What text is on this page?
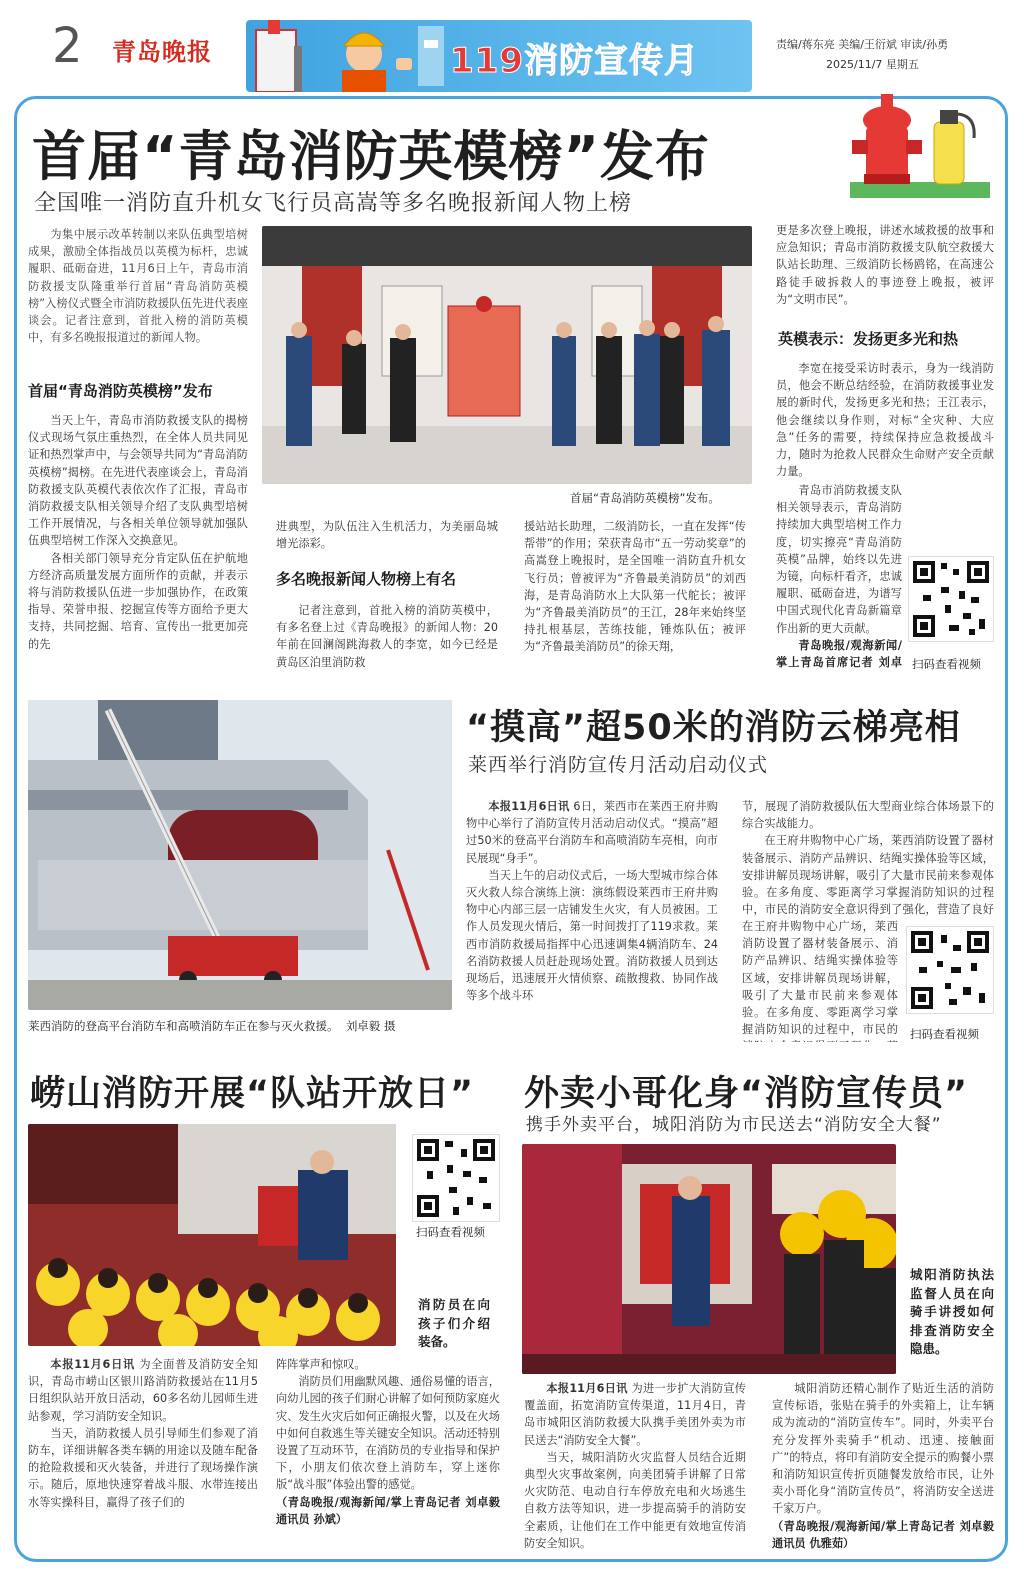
2 青岛晚报	119消防宣传月	责编/蒋东亮 美编/王衍斌 审读/孙勇
2025/11/7 星期五
首届“青岛消防英模榜”发布
全国唯一消防直升机女飞行员高嵩等多名晚报新闻人物上榜
为集中展示改革转制以来队伍典型培树成果，激励全体指战员以英模为标杆，忠诚履职、砥砺奋进，11月6日上午，青岛市消防救援支队隆重举行首届“青岛消防英模榜”入榜仪式暨全市消防救援队伍先进代表座谈会。记者注意到，首批入榜的消防英模中，有多名晚报报道过的新闻人物。
首届“青岛消防英模榜”发布

当天上午，青岛市消防救援支队的揭榜仪式现场气氛庄重热烈，在全体人员共同见证和热烈掌声中，与会领导共同为“青岛消防英模榜”揭榜。在先进代表座谈会上，青岛消防救援支队英模代表依次作了汇报，青岛市消防救援支队相关领导介绍了支队典型培树工作开展情况，与各相关单位领导就加强队伍典型培树工作深入交换意见。

各相关部门领导充分肯定队伍在护航地方经济高质量发展方面所作的贡献，并表示将与消防救援队伍进一步加强协作，在政策指导、荣誉申报、挖掘宣传等方面给予更大支持，共同挖掘、培育、宣传出一批更加亮的先

首届“青岛消防英模榜”发布。

进典型，为队伍注入生机活力，为美丽岛城增光添彩。

多名晚报新闻人物榜上有名

记者注意到，首批入榜的消防英模中，有多名登上过《青岛晚报》的新闻人物：20年前在回澜阁跳海救人的李宽，如今已经是黄岛区泊里消防救

援站站长助理，二级消防长，一直在发挥“传帮带”的作用；荣获青岛市“五一劳动奖章”的高嵩登上晚报时，是全国唯一消防直升机女飞行员；曾被评为“齐鲁最美消防员”的刘西海，是青岛消防水上大队第一代舵长；被评为“齐鲁最美消防员”的王江，28年来始终坚持扎根基层，苦练技能，锤炼队伍；被评为“齐鲁最美消防员”的徐天翔，

更是多次登上晚报，讲述水域救援的故事和应急知识；青岛市消防救援支队航空救援大队站长助理、三级消防长杨鸥铭，在高速公路徒手破拆救人的事迹登上晚报，被评为“文明市民”。

英模表示：发扬更多光和热

李宽在接受采访时表示，身为一线消防员，他会不断总结经验，在消防救援事业发展的新时代，发扬更多光和热；王江表示，他会继续以身作则，对标“全灾种、大应急”任务的需要，持续保持应急救援战斗力，随时为抢救人民群众生命财产安全贡献力量。

青岛市消防救援支队相关领导表示，青岛消防持续加大典型培树工作力度，切实擦亮“青岛消防英模”品牌，始终以先进为镜，向标杆看齐，忠诚履职、砥砺奋进，为谱写中国式现代化青岛新篇章作出新的更大贡献。

青岛晚报/观海新闻/掌上青岛首席记者 刘卓 扫码查看视频
莱西消防的登高平台消防车和高喷消防车正在参与灭火救援。 刘卓毅 摄
“摸高”超50米的消防云梯亮相
莱西举行消防宣传月活动启动仪式

本报11月6日讯 6日，莱西市在莱西王府井购物中心举行了消防宣传月活动启动仪式。“摸高”超过50米的登高平台消防车和高喷消防车亮相，向市民展现“身手”。

当天上午的启动仪式后，一场大型城市综合体灭火救人综合演练上演：演练假设莱西市王府井购物中心内部三层一店铺发生火灾，有人员被困。工作人员发现火情后，第一时间拨打了119求救。莱西市消防救援局指挥中心迅速调集4辆消防车、24名消防救援人员赶赴现场处置。消防救援人员到达现场后，迅速展开火情侦察、疏散搜救、协同作战等多个战斗环

节，展现了消防救援队伍大型商业综合体场景下的综合实战能力。

在王府井购物中心广场，莱西消防设置了器材装备展示、消防产品辨识、结绳实操体验等区域，安排讲解员现场讲解，吸引了大量市民前来参观体验。在多角度、零距离学习掌握消防知识的过程中，市民的消防安全意识得到了强化，营造了良好

在王府井购物中心广场，莱西消防设置了器材装备展示、消防产品辨识、结绳实操体验等区域，安排讲解员现场讲解，吸引了大量市民前来参观体验。在多角度、零距离学习掌握消防知识的过程中，市民的 扫码查看视频
崂山消防开展“队站开放日”
扫码查看视频
消防员在向孩子们介绍装备。

本报11月6日讯 为全面普及消防安全知识，青岛市崂山区银川路消防救援站在11月5日组织队站开放日活动，60多名幼儿园师生进站参观，学习消防安全知识。

当天，消防救援人员引导师生们参观了消防车，详细讲解各类车辆的用途以及随车配备的抢险救援和灭火装备，并进行了现场操作演示。随后，原地快速穿着战斗服、水带连接出水等实操科目，赢得了孩子们的

阵阵掌声和惊叹。

消防员们用幽默风趣、通俗易懂的语言，向幼儿园的孩子们耐心讲解了如何预防家庭火灾、发生火灾后如何正确报火警，以及在火场中如何自救逃生等关键安全知识。活动还特别设置了互动环节，在消防员的专业指导和保护下，小朋友们依次登上消防车，穿上迷你版“战斗服”体验出警的感觉。

（青岛晚报/观海新闻/掌上青岛记者 刘卓毅 通讯员 孙斌）

外卖小哥化身“消防宣传员”
携手外卖平台，城阳消防为市民送去“消防安全大餐”
城阳消防执法监督人员在向骑手讲授如何排查消防安全隐患。

本报11月6日讯 为进一步扩大消防宣传覆盖面，拓宽消防宣传渠道，11月4日，青岛市城阳区消防救援大队携手美团外卖为市民送去“消防安全大餐”。

当天，城阳消防火灾监督人员结合近期典型火灾事故案例，向美团骑手讲解了日常火灾防范、电动自行车停放充电和火场逃生自救方法等知识，进一步提高骑手的消防安全素质，让他们在工作中能更有效地宣传消防安全知识。

城阳消防还精心制作了贴近生活的消防宣传标语，张贴在骑手的外卖箱上，让车辆成为流动的“消防宣传车”。同时，外卖平台充分发挥外卖骑手“机动、迅速、接触面广”的特点，将印有消防安全提示的购餐小票和消防知识宣传折页随餐发放给市民，让外卖小哥化身“消防宣传员”，将消防安全送进千家万户。

（青岛晚报/观海新闻/掌上青岛记者 刘卓毅 通讯员 仇雅茹）
